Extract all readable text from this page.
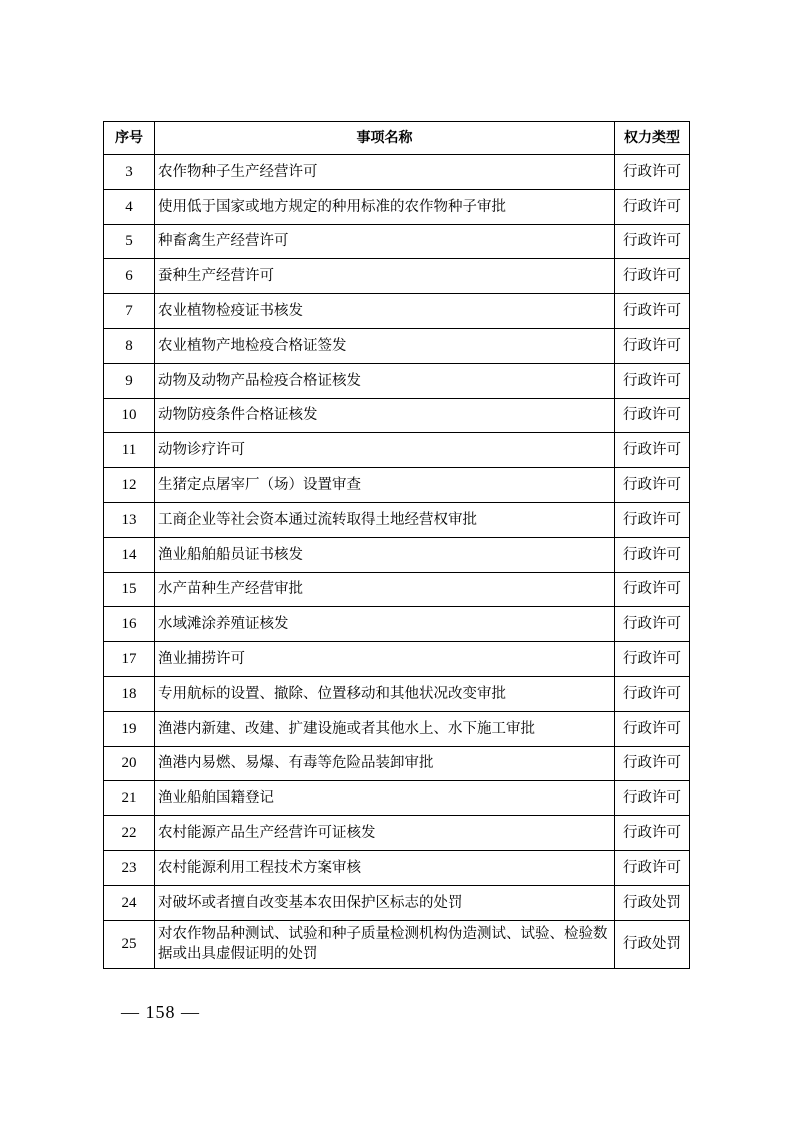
序号	事项名称	权力类型
3	农作物种子生产经营许可	行政许可
4	使用低于国家或地方规定的种用标准的农作物种子审批	行政许可
5	种畜禽生产经营许可	行政许可
6	蚕种生产经营许可	行政许可
7	农业植物检疫证书核发	行政许可
8	农业植物产地检疫合格证签发	行政许可
9	动物及动物产品检疫合格证核发	行政许可
10	动物防疫条件合格证核发	行政许可
11	动物诊疗许可	行政许可
12	生猪定点屠宰厂（场）设置审查	行政许可
13	工商企业等社会资本通过流转取得土地经营权审批	行政许可
14	渔业船舶船员证书核发	行政许可
15	水产苗种生产经营审批	行政许可
16	水域滩涂养殖证核发	行政许可
17	渔业捕捞许可	行政许可
18	专用航标的设置、撤除、位置移动和其他状况改变审批	行政许可
19	渔港内新建、改建、扩建设施或者其他水上、水下施工审批	行政许可
20	渔港内易燃、易爆、有毒等危险品装卸审批	行政许可
21	渔业船舶国籍登记	行政许可
22	农村能源产品生产经营许可证核发	行政许可
23	农村能源利用工程技术方案审核	行政许可
24	对破坏或者擅自改变基本农田保护区标志的处罚	行政处罚
25	对农作物品种测试、试验和种子质量检测机构伪造测试、试验、检验数据或出具虚假证明的处罚	行政处罚
— 158 —
